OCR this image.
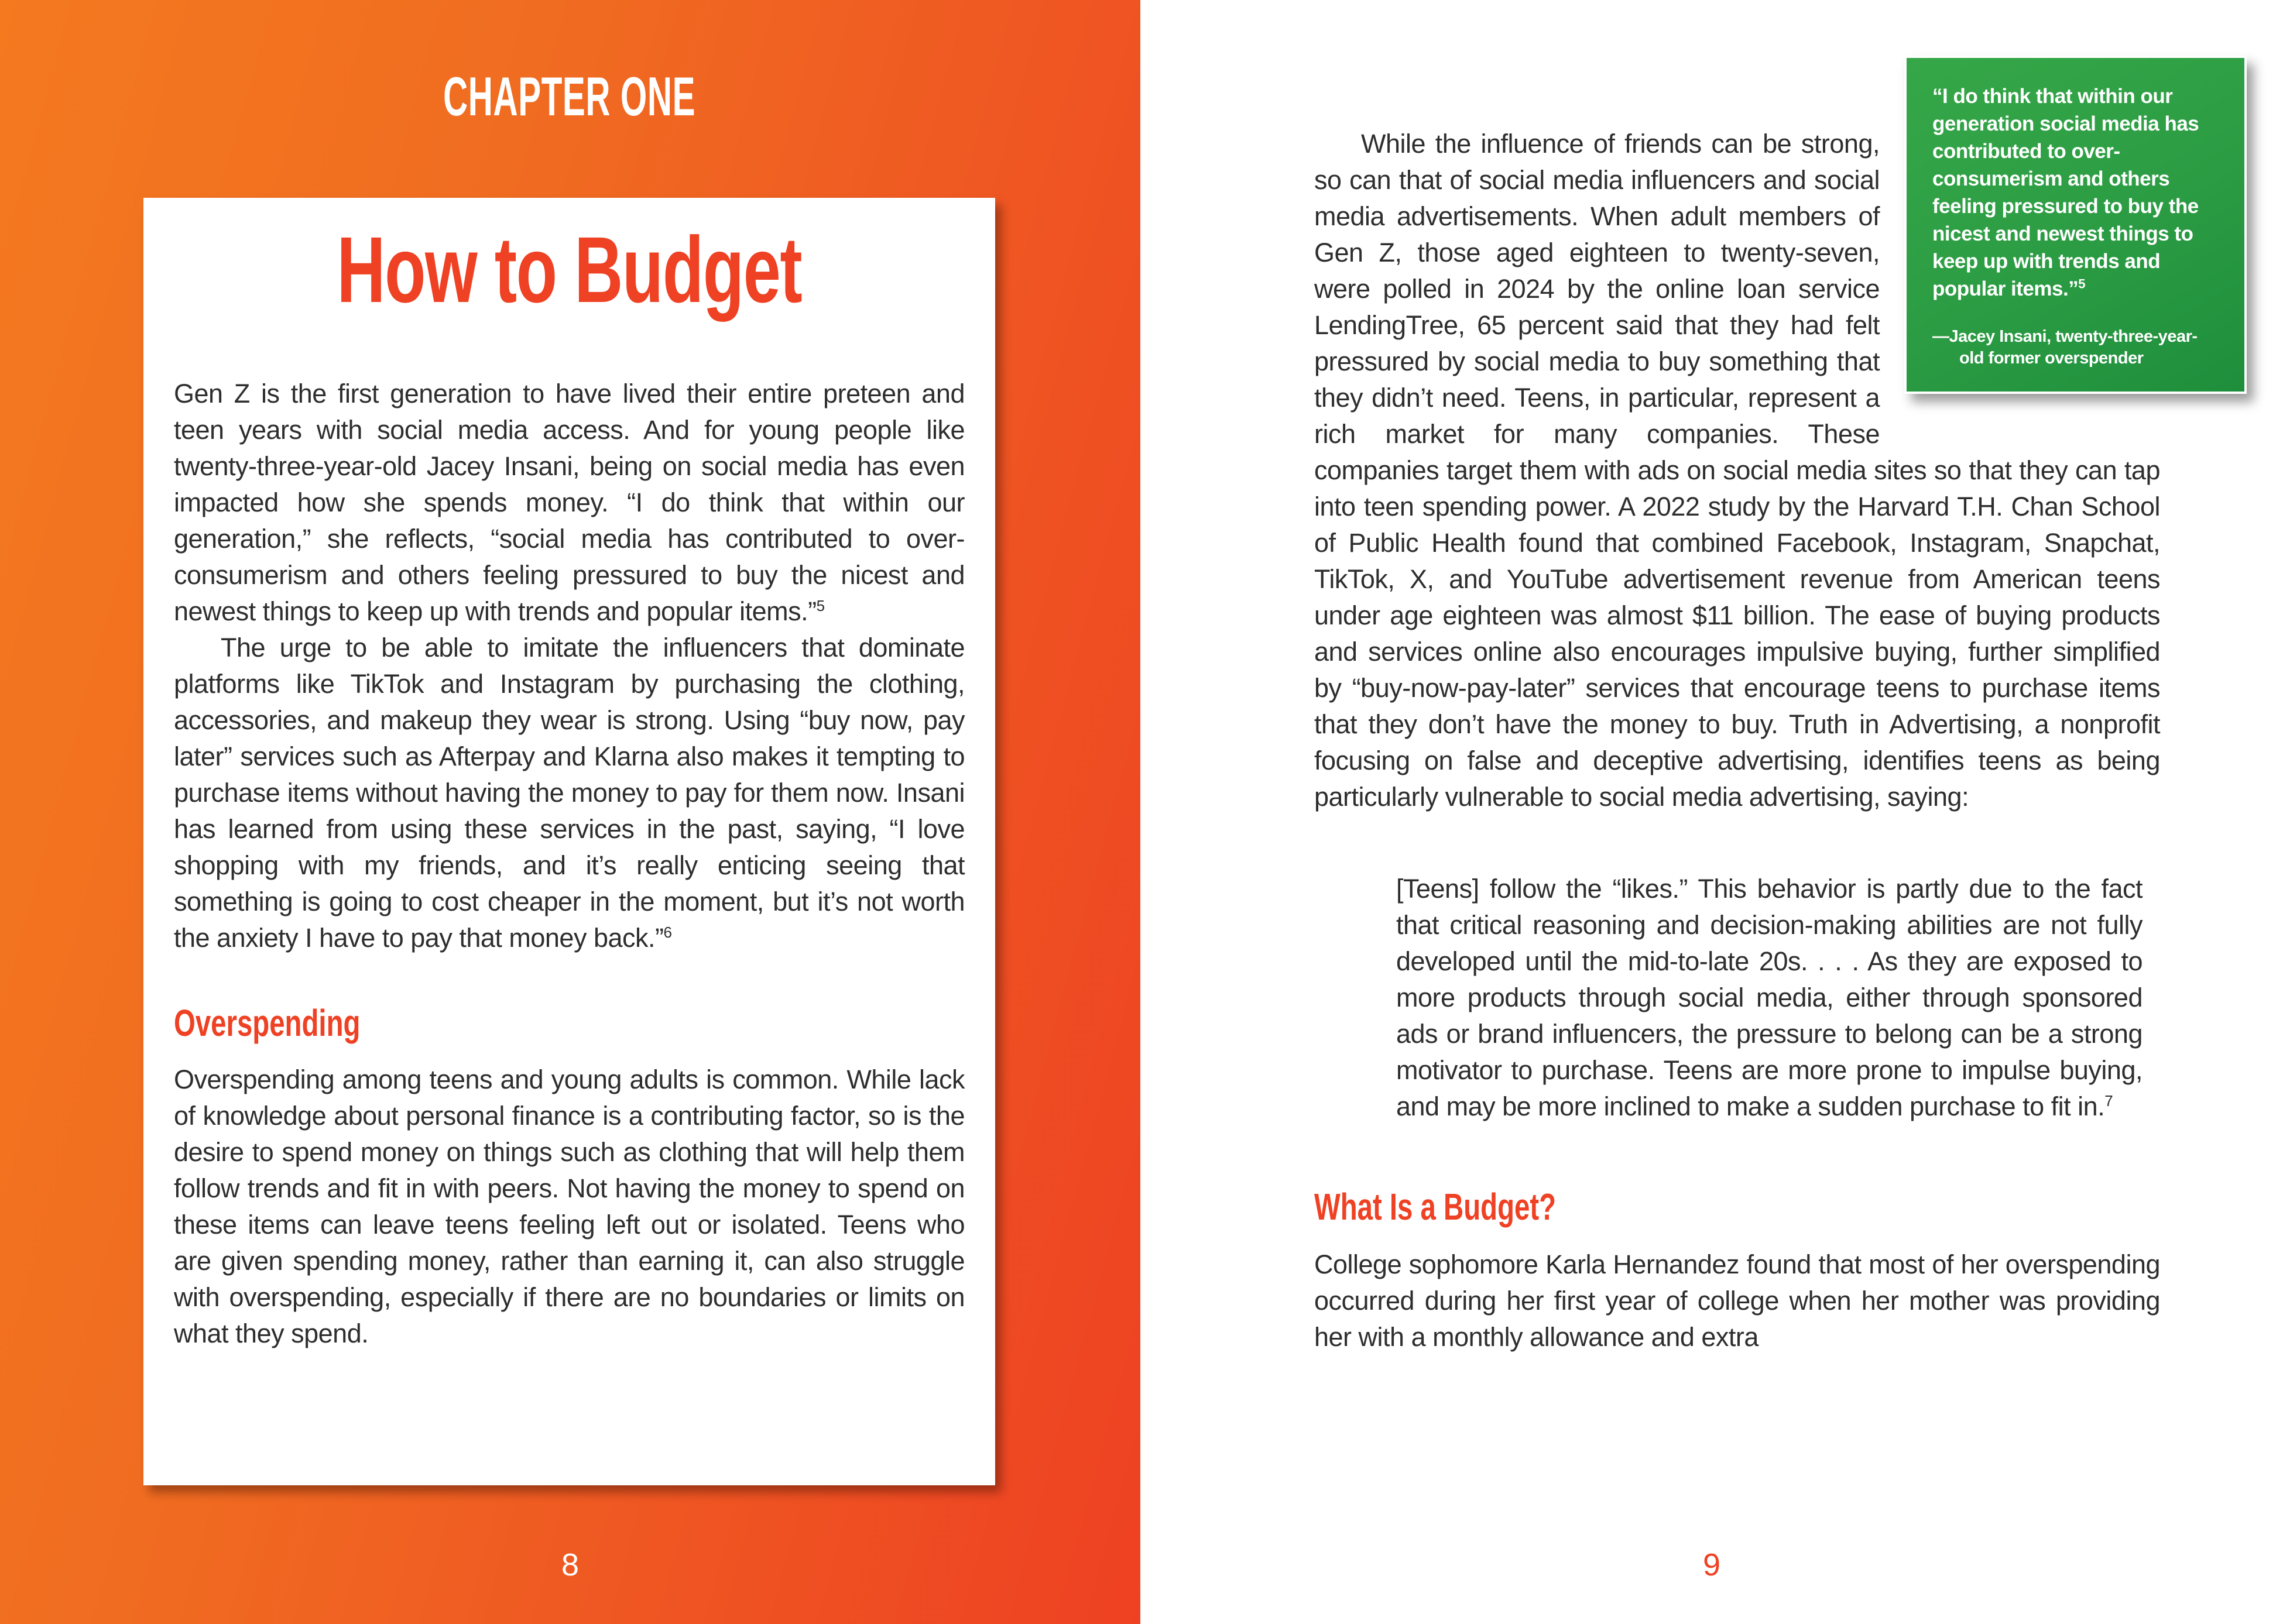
CHAPTER ONE
How to Budget

Gen Z is the first generation to have lived their entire preteen and teen years with social media access. And for young people like twenty-three-year-old Jacey Insani, being on social media has even impacted how she spends money. “I do think that within our generation,” she reflects, “social media has contributed to over-consumerism and others feeling pressured to buy the nicest and newest things to keep up with trends and popular items.”$^5$

The urge to be able to imitate the influencers that dominate platforms like TikTok and Instagram by purchasing the clothing, accessories, and makeup they wear is strong. Using “buy now, pay later” services such as Afterpay and Klarna also makes it tempting to purchase items without having the money to pay for them now. Insani has learned from using these services in the past, saying, “I love shopping with my friends, and it’s really enticing seeing that something is going to cost cheaper in the moment, but it’s not worth the anxiety I have to pay that money back.”$^6$

Overspending

Overspending among teens and young adults is common. While lack of knowledge about personal finance is a contributing factor, so is the desire to spend money on things such as clothing that will help them follow trends and fit in with peers. Not having the money to spend on these items can leave teens feeling left out or isolated. Teens who are given spending money, rather than earning it, can also struggle with overspending, especially if there are no boundaries or limits on what they spend.

8
“I do think that within our generation social media has contributed to over-consumerism and others feeling pressured to buy the nicest and newest things to keep up with trends and popular items.”$^5$
—Jacey Insani, twenty-three-year-old former overspender

While the influence of friends can be strong, so can that of social media influencers and social media advertisements. When adult members of Gen Z, those aged eighteen to twenty-seven, were polled in 2024 by the online loan service LendingTree, 65 percent said that they had felt pressured by social media to buy something that they didn’t need. Teens, in particular, represent a rich market for many companies. These companies target them with ads on social media sites so that they can tap into teen spending power. A 2022 study by the Harvard T.H. Chan School of Public Health found that combined Facebook, Instagram, Snapchat, TikTok, X, and YouTube advertisement revenue from American teens under age eighteen was almost $11 billion. The ease of buying products and services online also encourages impulsive buying, further simplified by “buy-now-pay-later” services that encourage teens to purchase items that they don’t have the money to buy. Truth in Advertising, a nonprofit focusing on false and deceptive advertising, identifies teens as being particularly vulnerable to social media advertising, saying:

[Teens] follow the “likes.” This behavior is partly due to the fact that critical reasoning and decision-making abilities are not fully developed until the mid-to-late 20s. . . . As they are exposed to more products through social media, either through sponsored ads or brand influencers, the pressure to belong can be a strong motivator to purchase. Teens are more prone to impulse buying, and may be more inclined to make a sudden purchase to fit in.$^7$
What Is a Budget?

College sophomore Karla Hernandez found that most of her overspending occurred during her first year of college when her mother was providing her with a monthly allowance and extra

9
